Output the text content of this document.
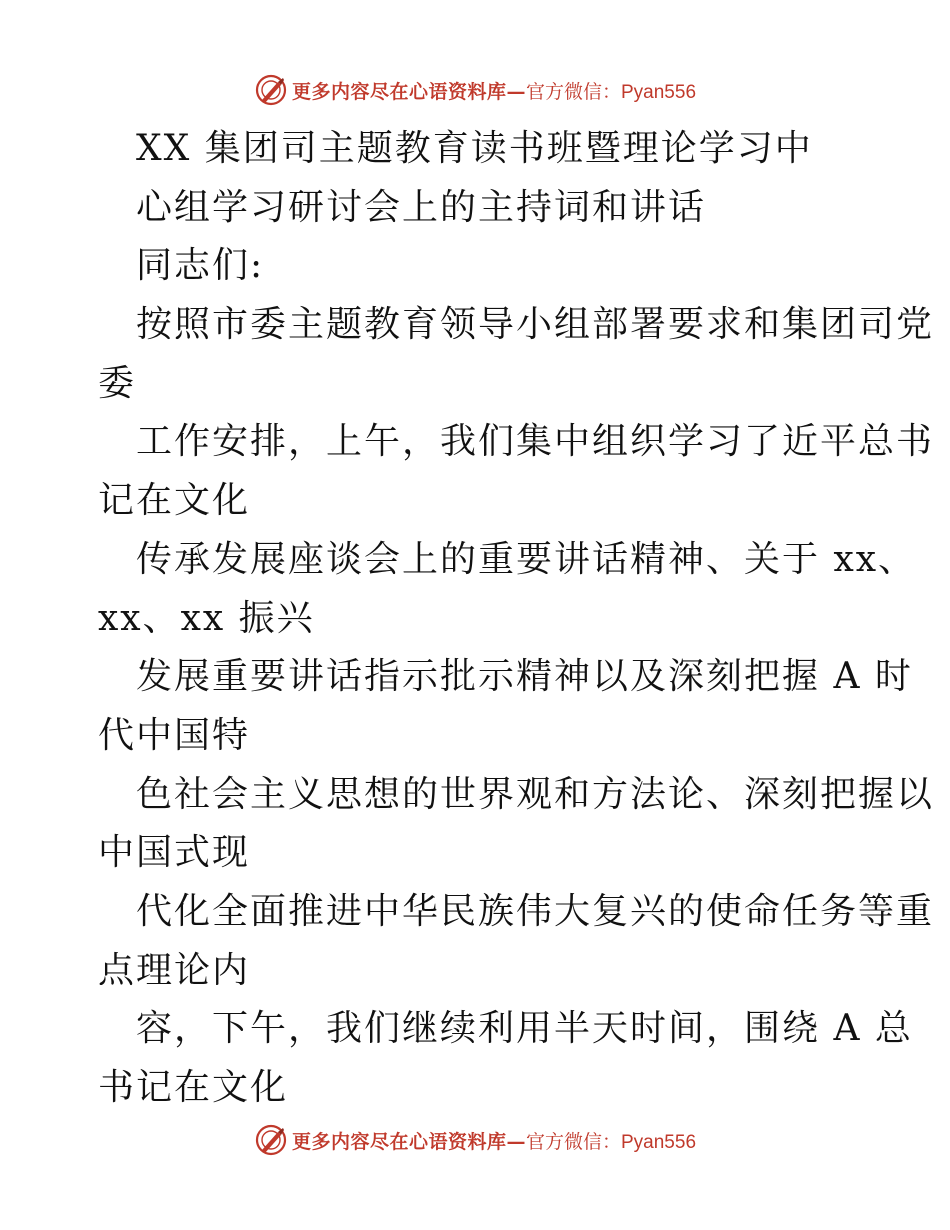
更多内容尽在心语资料库— 官方微信：Pyan556
XX 集团司主题教育读书班暨理论学习中
心组学习研讨会上的主持词和讲话
同志们:
按照市委主题教育领导小组部署要求和集团司党
委
工作安排，上午，我们集中组织学习了近平总书
记在文化
传承发展座谈会上的重要讲话精神、关于 xx、
xx、xx 振兴
发展重要讲话指示批示精神以及深刻把握 A 时
代中国特
色社会主义思想的世界观和方法论、深刻把握以
中国式现
代化全面推进中华民族伟大复兴的使命任务等重
点理论内
容，下午，我们继续利用半天时间，围绕 A 总
书记在文化
更多内容尽在心语资料库— 官方微信：Pyan556
